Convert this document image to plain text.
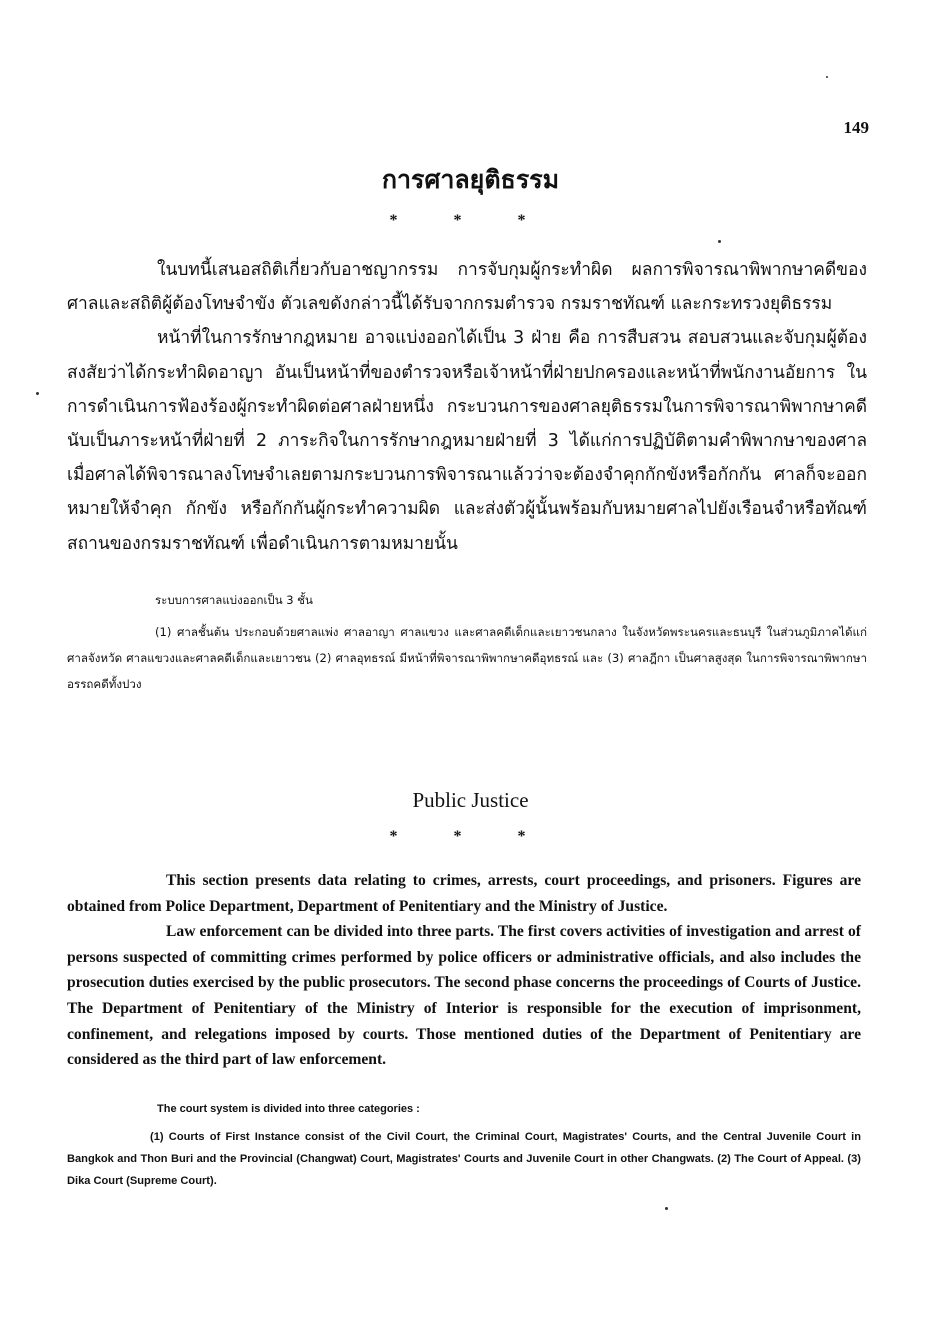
149
การศาลยุติธรรม
* * *

ในบทนี้เสนอสถิติเกี่ยวกับอาชญากรรม การจับกุมผู้กระทำผิด ผลการพิจารณาพิพากษาคดีของศาลและสถิติผู้ต้องโทษจำขัง ตัวเลขดังกล่าวนี้ได้รับจากกรมตำรวจ กรมราชทัณฑ์ และกระทรวงยุติธรรม

หน้าที่ในการรักษากฎหมาย อาจแบ่งออกได้เป็น 3 ฝ่าย คือ การสืบสวน สอบสวนและจับกุมผู้ต้องสงสัยว่าได้กระทำผิดอาญา อันเป็นหน้าที่ของตำรวจหรือเจ้าหน้าที่ฝ่ายปกครองและหน้าที่พนักงานอัยการ ในการดำเนินการฟ้องร้องผู้กระทำผิดต่อศาลฝ่ายหนึ่ง กระบวนการของศาลยุติธรรมในการพิจารณาพิพากษาคดีนับเป็นภาระหน้าที่ฝ่ายที่ 2 ภาระกิจในการรักษากฎหมายฝ่ายที่ 3 ได้แก่การปฏิบัติตามคำพิพากษาของศาล เมื่อศาลได้พิจารณาลงโทษจำเลยตามกระบวนการพิจารณาแล้วว่าจะต้องจำคุกกักขังหรือกักกัน ศาลก็จะออกหมายให้จำคุก กักขัง หรือกักกันผู้กระทำความผิด และส่งตัวผู้นั้นพร้อมกับหมายศาลไปยังเรือนจำหรือทัณฑ์สถานของกรมราชทัณฑ์ เพื่อดำเนินการตามหมายนั้น

ระบบการศาลแบ่งออกเป็น 3 ชั้น

(1) ศาลชั้นต้น ประกอบด้วยศาลแพ่ง ศาลอาญา ศาลแขวง และศาลคดีเด็กและเยาวชนกลาง ในจังหวัดพระนครและธนบุรี ในส่วนภูมิภาคได้แก่ศาลจังหวัด ศาลแขวงและศาลคดีเด็กและเยาวชน (2) ศาลอุทธรณ์ มีหน้าที่พิจารณาพิพากษาคดีอุทธรณ์ และ (3) ศาลฎีกา เป็นศาลสูงสุด ในการพิจารณาพิพากษาอรรถคดีทั้งปวง

Public Justice
* * *

This section presents data relating to crimes, arrests, court proceedings, and prisoners. Figures are obtained from Police Department, Department of Penitentiary and the Ministry of Justice.

Law enforcement can be divided into three parts. The first covers activities of investigation and arrest of persons suspected of committing crimes performed by police officers or administrative officials, and also includes the prosecution duties exercised by the public prosecutors. The second phase concerns the proceedings of Courts of Justice. The Department of Penitentiary of the Ministry of Interior is responsible for the execution of imprisonment, confinement, and relegations imposed by courts. Those mentioned duties of the Department of Penitentiary are considered as the third part of law enforcement.

The court system is divided into three categories :

(1) Courts of First Instance consist of the Civil Court, the Criminal Court, Magistrates' Courts, and the Central Juvenile Court in Bangkok and Thon Buri and the Provincial (Changwat) Court, Magistrates' Courts and Juvenile Court in other Changwats. (2) The Court of Appeal. (3) Dika Court (Supreme Court).
